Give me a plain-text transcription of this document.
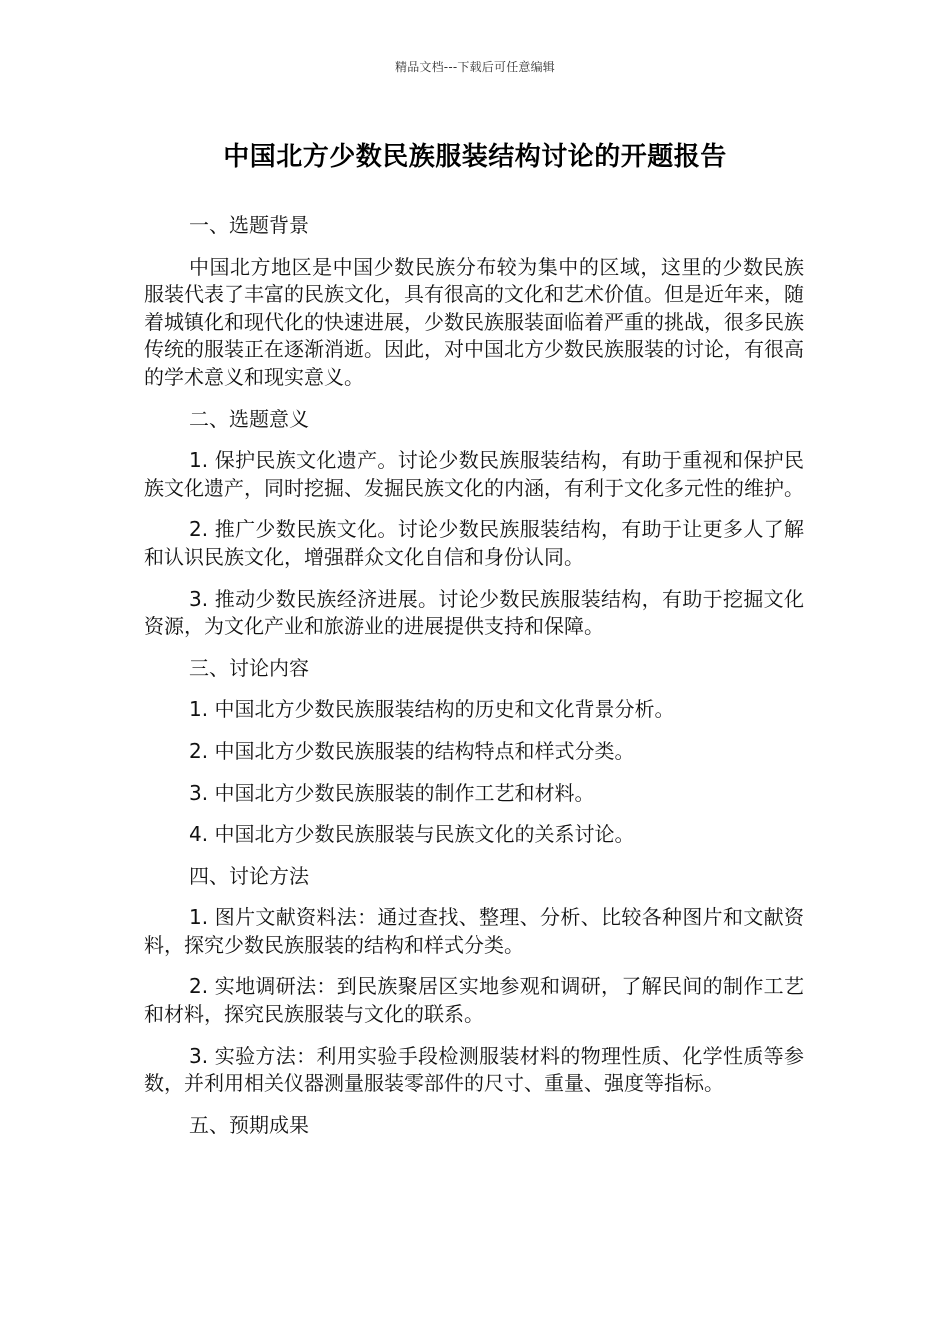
精品文档---下载后可任意编辑
中国北方少数民族服装结构讨论的开题报告

一、选题背景

中国北方地区是中国少数民族分布较为集中的区域，这里的少数民族服装代表了丰富的民族文化，具有很高的文化和艺术价值。但是近年来，随着城镇化和现代化的快速进展，少数民族服装面临着严重的挑战，很多民族传统的服装正在逐渐消逝。因此，对中国北方少数民族服装的讨论，有很高的学术意义和现实意义。

二、选题意义

1. 保护民族文化遗产。讨论少数民族服装结构，有助于重视和保护民族文化遗产，同时挖掘、发掘民族文化的内涵，有利于文化多元性的维护。

2. 推广少数民族文化。讨论少数民族服装结构，有助于让更多人了解和认识民族文化，增强群众文化自信和身份认同。

3. 推动少数民族经济进展。讨论少数民族服装结构，有助于挖掘文化资源，为文化产业和旅游业的进展提供支持和保障。

三、讨论内容

1. 中国北方少数民族服装结构的历史和文化背景分析。

2. 中国北方少数民族服装的结构特点和样式分类。

3. 中国北方少数民族服装的制作工艺和材料。

4. 中国北方少数民族服装与民族文化的关系讨论。

四、讨论方法

1. 图片文献资料法：通过查找、整理、分析、比较各种图片和文献资料，探究少数民族服装的结构和样式分类。

2. 实地调研法：到民族聚居区实地参观和调研，了解民间的制作工艺和材料，探究民族服装与文化的联系。

3. 实验方法：利用实验手段检测服装材料的物理性质、化学性质等参数，并利用相关仪器测量服装零部件的尺寸、重量、强度等指标。

五、预期成果
